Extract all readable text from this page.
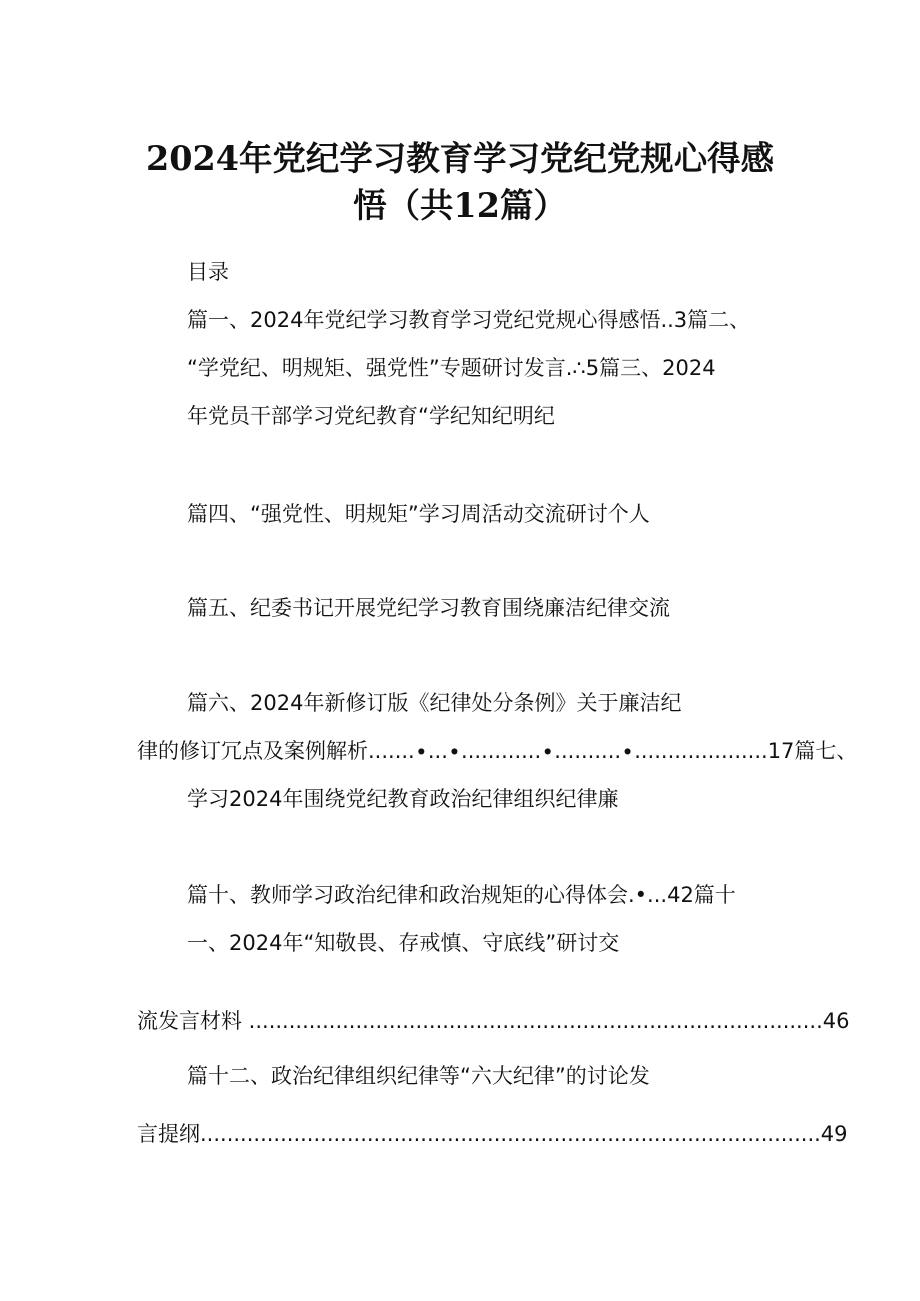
2024年党纪学习教育学习党纪党规心得感
悟（共12篇）
目录
篇一、2024年党纪学习教育学习党纪党规心得感悟..3篇二、
“学党纪、明规矩、强党性”专题研讨发言.∴5篇三、2024
年党员干部学习党纪教育“学纪知纪明纪
篇四、“强党性、明规矩”学习周活动交流研讨个人
篇五、纪委书记开展党纪学习教育围绕廉洁纪律交流
篇六、2024年新修订版《纪律处分条例》关于廉洁纪
律的修订冗点及案例解析.......∙...∙............∙..........∙....................17篇七、
学习2024年围绕党纪教育政治纪律组织纪律廉
篇十、教师学习政治纪律和政治规矩的心得体会.•...42篇十
一、2024年“知敬畏、存戒慎、守底线”研讨交
流发言材料 ......................................................................................46
篇十二、政治纪律组织纪律等“六大纪律”的讨论发
言提纲.............................................................................................49
